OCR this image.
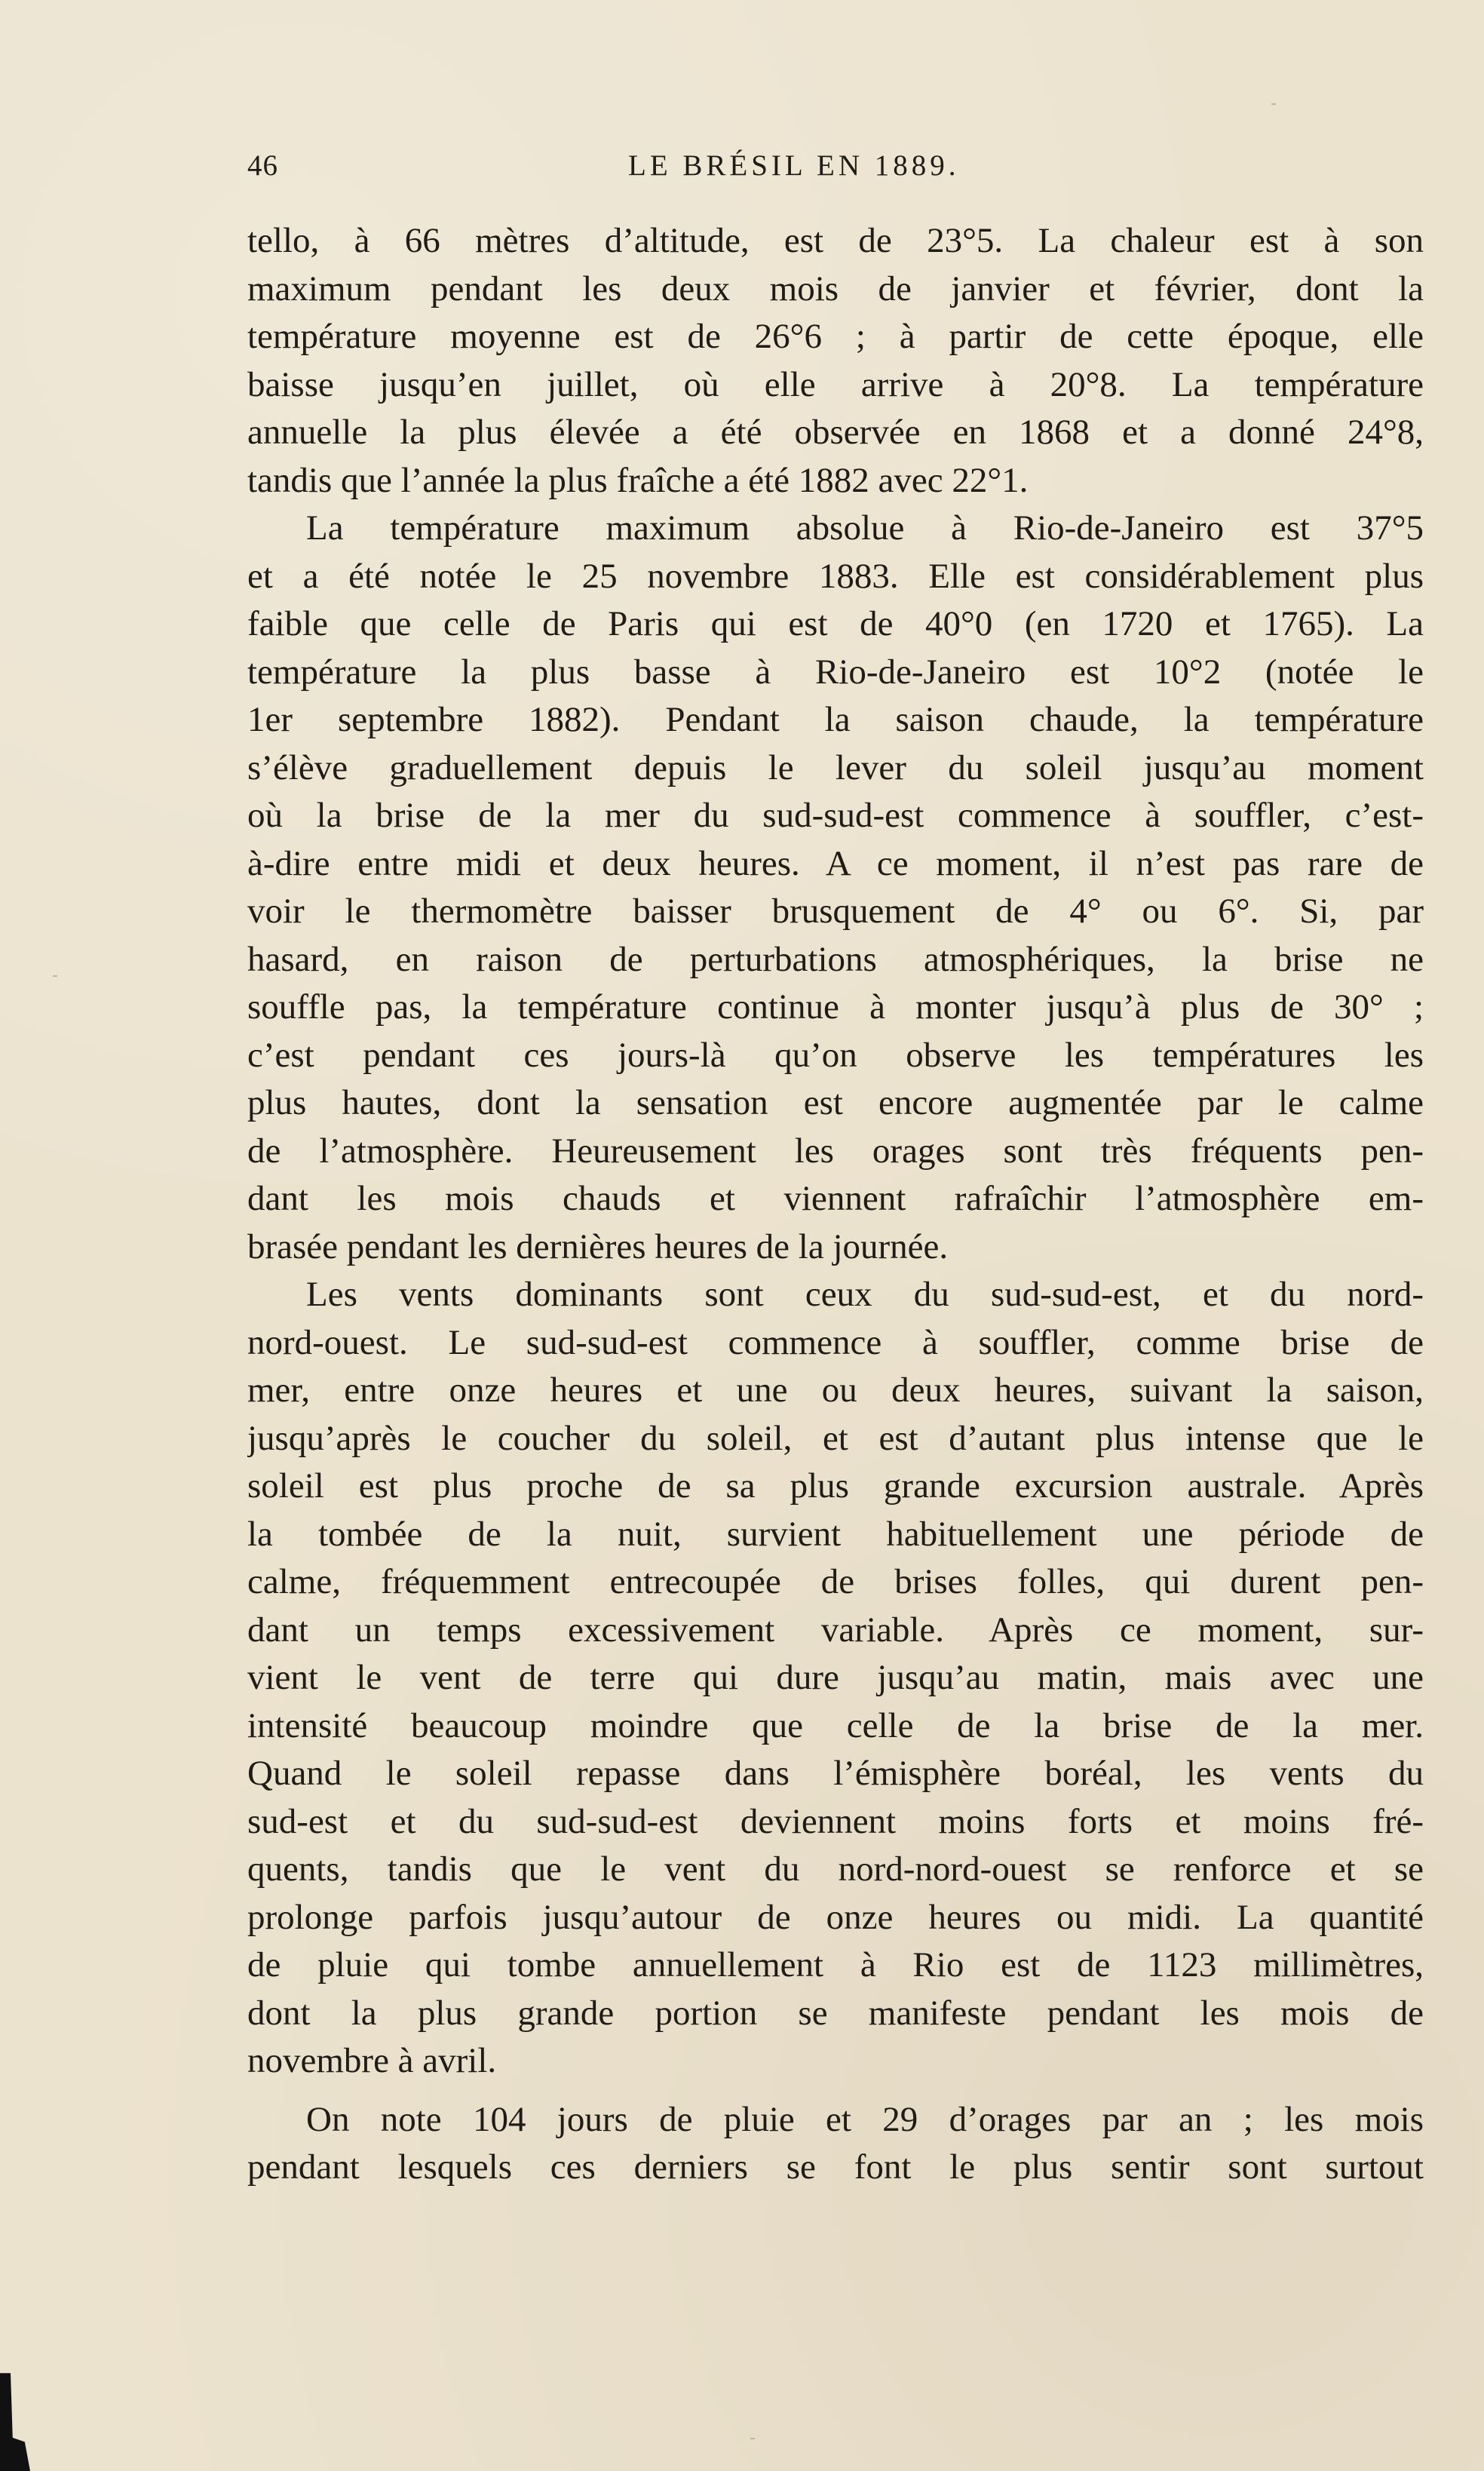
46	LE BRÉSIL EN 1889.
tello, à 66 mètres d’altitude, est de 23°5. La chaleur est à son
maximum pendant les deux mois de janvier et février, dont la
température moyenne est de 26°6 ; à partir de cette époque, elle
baisse jusqu’en juillet, où elle arrive à 20°8. La température
annuelle la plus élevée a été observée en 1868 et a donné 24°8,
tandis que l’année la plus fraîche a été 1882 avec 22°1.
La température maximum absolue à Rio-de-Janeiro est 37°5
et a été notée le 25 novembre 1883. Elle est considérablement plus
faible que celle de Paris qui est de 40°0 (en 1720 et 1765). La
température la plus basse à Rio-de-Janeiro est 10°2 (notée le
1er septembre 1882). Pendant la saison chaude, la température
s’élève graduellement depuis le lever du soleil jusqu’au moment
où la brise de la mer du sud-sud-est commence à souffler, c’est-
à-dire entre midi et deux heures. A ce moment, il n’est pas rare de
voir le thermomètre baisser brusquement de 4° ou 6°. Si, par
hasard, en raison de perturbations atmosphériques, la brise ne
souffle pas, la température continue à monter jusqu’à plus de 30° ;
c’est pendant ces jours-là qu’on observe les températures les
plus hautes, dont la sensation est encore augmentée par le calme
de l’atmosphère. Heureusement les orages sont très fréquents pen-
dant les mois chauds et viennent rafraîchir l’atmosphère em-
brasée pendant les dernières heures de la journée.
Les vents dominants sont ceux du sud-sud-est, et du nord-
nord-ouest. Le sud-sud-est commence à souffler, comme brise de
mer, entre onze heures et une ou deux heures, suivant la saison,
jusqu’après le coucher du soleil, et est d’autant plus intense que le
soleil est plus proche de sa plus grande excursion australe. Après
la tombée de la nuit, survient habituellement une période de
calme, fréquemment entrecoupée de brises folles, qui durent pen-
dant un temps excessivement variable. Après ce moment, sur-
vient le vent de terre qui dure jusqu’au matin, mais avec une
intensité beaucoup moindre que celle de la brise de la mer.
Quand le soleil repasse dans l’émisphère boréal, les vents du
sud-est et du sud-sud-est deviennent moins forts et moins fré-
quents, tandis que le vent du nord-nord-ouest se renforce et se
prolonge parfois jusqu’autour de onze heures ou midi. La quantité
de pluie qui tombe annuellement à Rio est de 1123 millimètres,
dont la plus grande portion se manifeste pendant les mois de
novembre à avril.
On note 104 jours de pluie et 29 d’orages par an ; les mois
pendant lesquels ces derniers se font le plus sentir sont surtout
